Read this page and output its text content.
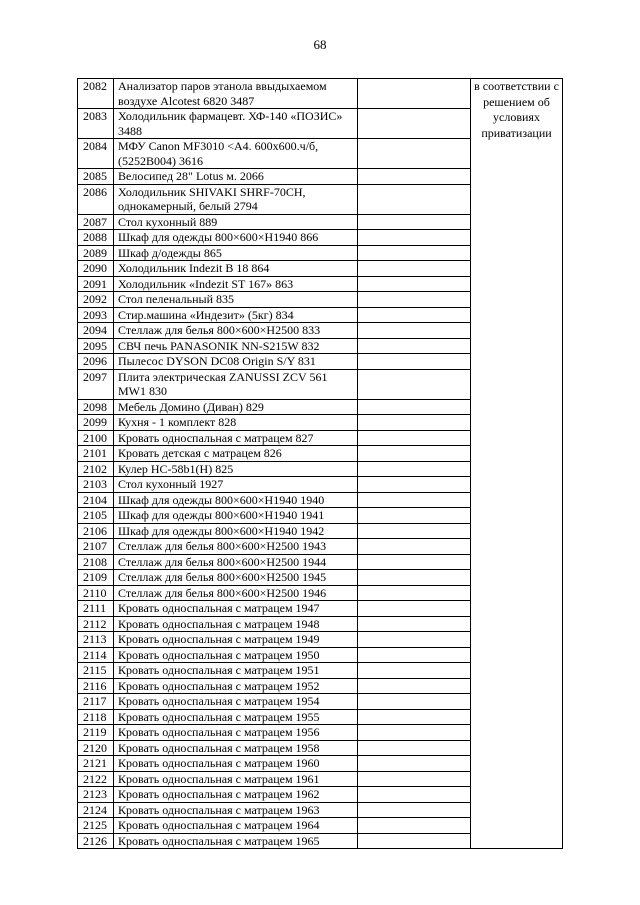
68
2082	Анализатор паров этанола ввыдыхаемом воздухе Alcotest 6820 3487		в соответствии с решением об условиях приватизации
2083	Холодильник фармацевт. ХФ-140 «ПОЗИС» 3488		
2084	МФУ Canon MF3010 <A4. 600x600.ч/б,(5252B004) 3616		
2085	Велосипед 28" Lotus м. 2066		
2086	Холодильник SHIVAKI SHRF-70CH, однокамерный, белый 2794		
2087	Стол кухонный 889		
2088	Шкаф для одежды 800×600×Н1940 866		
2089	Шкаф д/одежды 865		
2090	Холодильник Indezit B 18 864		
2091	Холодильник «Indezit ST 167» 863		
2092	Стол пеленальный 835		
2093	Стир.машина «Индезит» (5кг) 834		
2094	Стеллаж для белья 800×600×Н2500 833		
2095	СВЧ печь PANASONIK NN-S215W 832		
2096	Пылесос DYSON DC08 Origin S/Y 831		
2097	Плита электрическая ZANUSSI ZCV 561 MW1 830		
2098	Мебель Домино (Диван) 829		
2099	Кухня - 1 комплект 828		
2100	Кровать односпальная с матрацем 827		
2101	Кровать детская с матрацем 826		
2102	Кулер HC-58b1(H) 825		
2103	Стол кухонный 1927		
2104	Шкаф для одежды 800×600×Н1940 1940		
2105	Шкаф для одежды 800×600×Н1940 1941		
2106	Шкаф для одежды 800×600×Н1940 1942		
2107	Стеллаж для белья 800×600×Н2500 1943		
2108	Стеллаж для белья 800×600×Н2500 1944		
2109	Стеллаж для белья 800×600×Н2500 1945		
2110	Стеллаж для белья 800×600×Н2500 1946		
2111	Кровать односпальная с матрацем 1947		
2112	Кровать односпальная с матрацем 1948		
2113	Кровать односпальная с матрацем 1949		
2114	Кровать односпальная с матрацем 1950		
2115	Кровать односпальная с матрацем 1951		
2116	Кровать односпальная с матрацем 1952		
2117	Кровать односпальная с матрацем 1954		
2118	Кровать односпальная с матрацем 1955		
2119	Кровать односпальная с матрацем 1956		
2120	Кровать односпальная с матрацем 1958		
2121	Кровать односпальная с матрацем 1960		
2122	Кровать односпальная с матрацем 1961		
2123	Кровать односпальная с матрацем 1962		
2124	Кровать односпальная с матрацем 1963		
2125	Кровать односпальная с матрацем 1964		
2126	Кровать односпальная с матрацем 1965		
